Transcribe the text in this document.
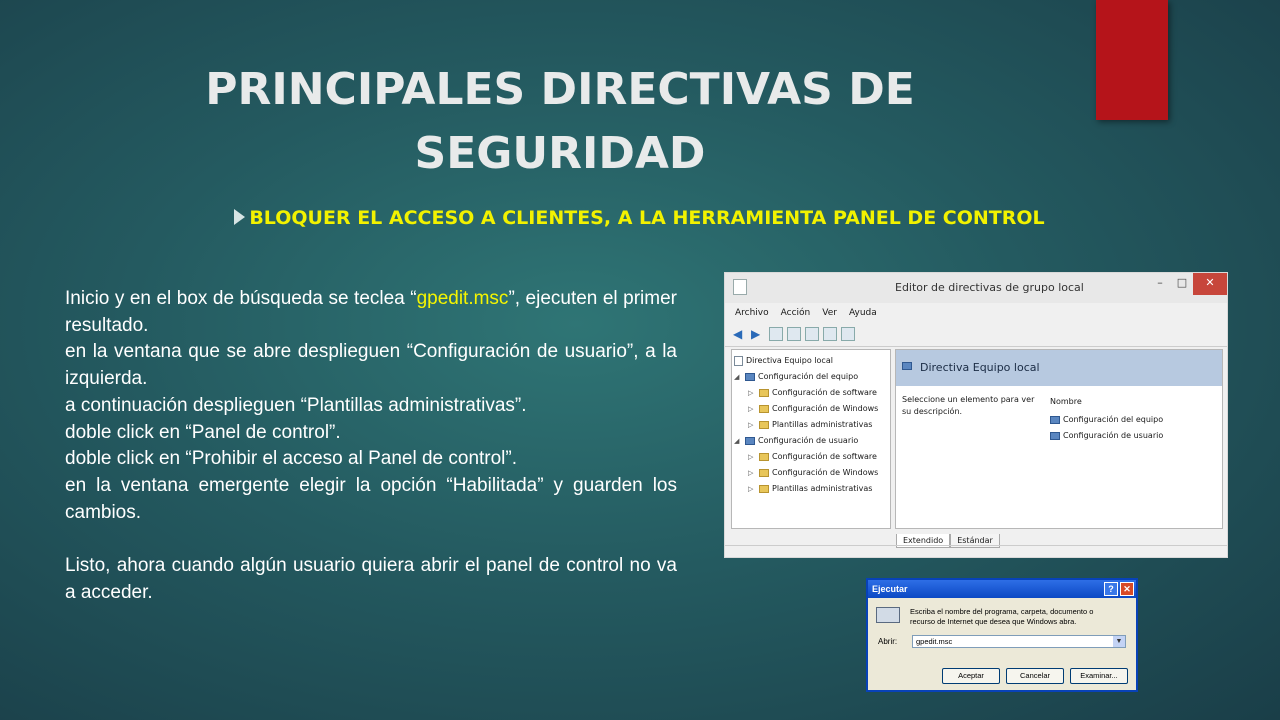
PRINCIPALES DIRECTIVAS DE
SEGURIDAD
BLOQUER EL ACCESO A CLIENTES, A LA HERRAMIENTA PANEL DE CONTROL

Inicio y en el box de búsqueda se teclea “gpedit.msc”, ejecuten el primer resultado.

en la ventana que se abre desplieguen “Configuración de usuario”, a la izquierda.

a continuación desplieguen “Plantillas administrativas”.

doble click en “Panel de control”.

doble click en “Prohibir el acceso al Panel de control”.

en la ventana emergente elegir la opción “Habilitada” y guarden los cambios.

Listo, ahora cuando algún usuario quiera abrir el panel de control no va a acceder.

Editor de directivas de grupo local	–	□	✕
Archivo Acción Ver Ayuda
◀ ▶
Directiva Equipo local
◢	Configuración del equipo
▷	Configuración de software
▷	Configuración de Windows
▷	Plantillas administrativas
◢	Configuración de usuario
▷	Configuración de software
▷	Configuración de Windows
▷	Plantillas administrativas
Directiva Equipo local
Seleccione un elemento para ver su descripción.
Nombre
Configuración del equipo
Configuración de usuario
Extendido	Estándar
Ejecutar	?	✕
Escriba el nombre del programa, carpeta, documento o recurso de Internet que desea que Windows abra.
Abrir:	gpedit.msc	▼
Aceptar	Cancelar	Examinar...
